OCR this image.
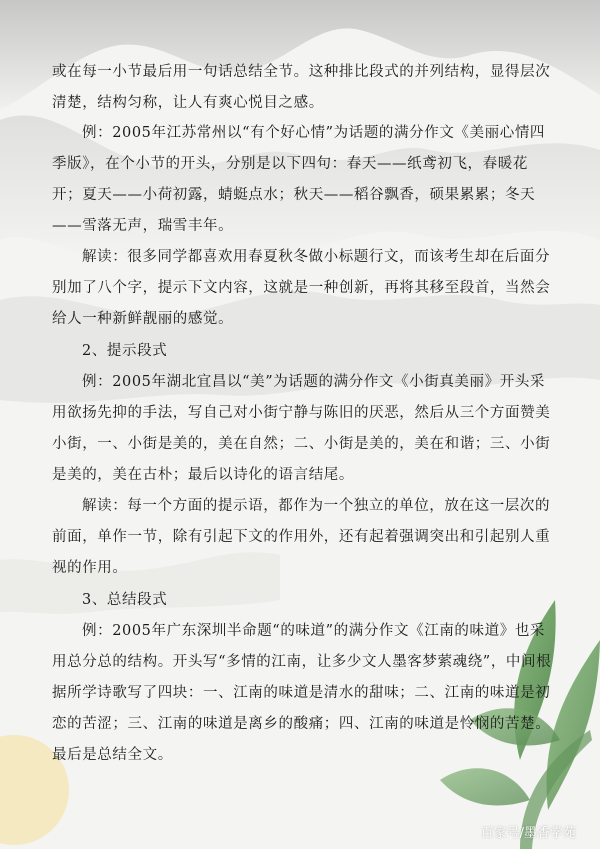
或在每一小节最后用一句话总结全节。这种排比段式的并列结构，显得层次清楚，结构匀称，让人有爽心悦目之感。

例：2005年江苏常州以“有个好心情”为话题的满分作文《美丽心情四季版》，在个小节的开头，分别是以下四句：春天——纸鸢初飞，春暖花开；夏天——小荷初露，蜻蜓点水；秋天——稻谷飘香，硕果累累；冬天——雪落无声，瑞雪丰年。

解读：很多同学都喜欢用春夏秋冬做小标题行文，而该考生却在后面分别加了八个字，提示下文内容，这就是一种创新，再将其移至段首，当然会给人一种新鲜靓丽的感觉。

2、提示段式

例：2005年湖北宜昌以“美”为话题的满分作文《小街真美丽》开头采用欲扬先抑的手法，写自己对小街宁静与陈旧的厌恶，然后从三个方面赞美小街，一、小街是美的，美在自然；二、小街是美的，美在和谐；三、小街是美的，美在古朴；最后以诗化的语言结尾。

解读：每一个方面的提示语，都作为一个独立的单位，放在这一层次的前面，单作一节，除有引起下文的作用外，还有起着强调突出和引起别人重视的作用。

3、总结段式

例：2005年广东深圳半命题“的味道”的满分作文《江南的味道》也采用总分总的结构。开头写“多情的江南，让多少文人墨客梦萦魂绕”，中间根据所学诗歌写了四块：一、江南的味道是清水的甜味；二、江南的味道是初恋的苦涩；三、江南的味道是离乡的酸痛；四、江南的味道是怜悯的苦楚。最后是总结全文。

百家号/墨香学苑
